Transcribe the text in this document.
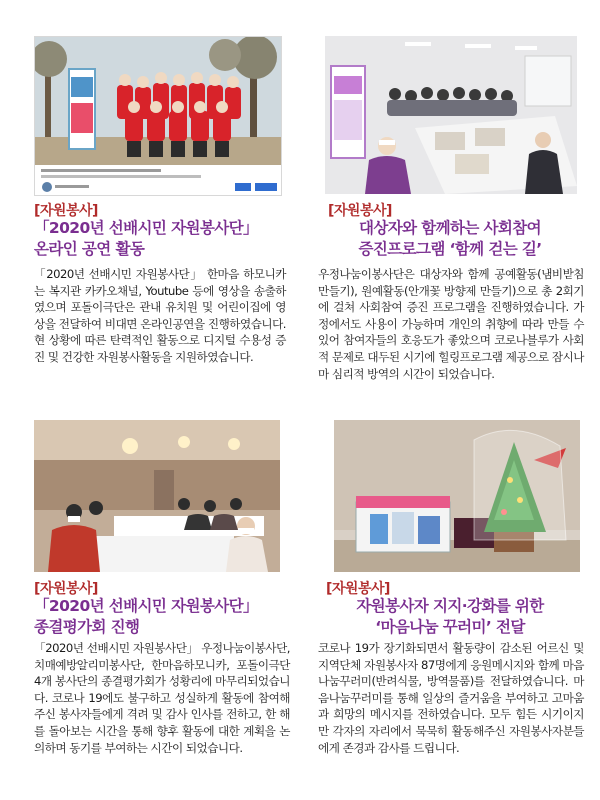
[자원봉사]
「2020년 선배시민 자원봉사단」
온라인 공연 활동

「2020년 선배시민 자원봉사단」 한마음 하모니카는 복지관 카카오채널, Youtube 등에 영상을 송출하였으며 포돌이극단은 관내 유치원 및 어린이집에 영상을 전달하여 비대면 온라인공연을 진행하였습니다. 현 상황에 따른 탄력적인 활동으로 디지털 수용성 증진 및 건강한 자원봉사활동을 지원하였습니다.

[자원봉사]
대상자와 함께하는 사회참여
증진프로그램 ‘함께 걷는 길’

우정나눔이봉사단은 대상자와 함께 공예활동(냄비받침 만들기), 원예활동(안개꽃 방향제 만들기)으로 총 2회기에 걸쳐 사회참여 증진 프로그램을 진행하였습니다. 가정에서도 사용이 가능하며 개인의 취향에 따라 만들 수 있어 참여자들의 호응도가 좋았으며 코로나블루가 사회적 문제로 대두된 시기에 힐링프로그램 제공으로 잠시나마 심리적 방역의 시간이 되었습니다.

[자원봉사]
「2020년 선배시민 자원봉사단」
종결평가회 진행

「2020년 선배시민 자원봉사단」 우정나눔이봉사단, 치매예방알리미봉사단, 한마음하모니카, 포돌이극단 4개 봉사단의 종결평가회가 성황리에 마무리되었습니다. 코로나 19에도 불구하고 성실하게 활동에 참여해주신 봉사자들에게 격려 및 감사 인사를 전하고, 한 해를 돌아보는 시간을 통해 향후 활동에 대한 계획을 논의하며 동기를 부여하는 시간이 되었습니다.

[자원봉사]
자원봉사자 지지·강화를 위한
‘마음나눔 꾸러미’ 전달

코로나 19가 장기화되면서 활동량이 감소된 어르신 및 지역단체 자원봉사자 87명에게 응원메시지와 함께 마음나눔꾸러미(반려식물, 방역물품)를 전달하였습니다. 마음나눔꾸러미를 통해 일상의 즐거움을 부여하고 고마움과 희망의 메시지를 전하였습니다. 모두 힘든 시기이지만 각자의 자리에서 묵묵히 활동해주신 자원봉사자분들에게 존경과 감사를 드립니다.
